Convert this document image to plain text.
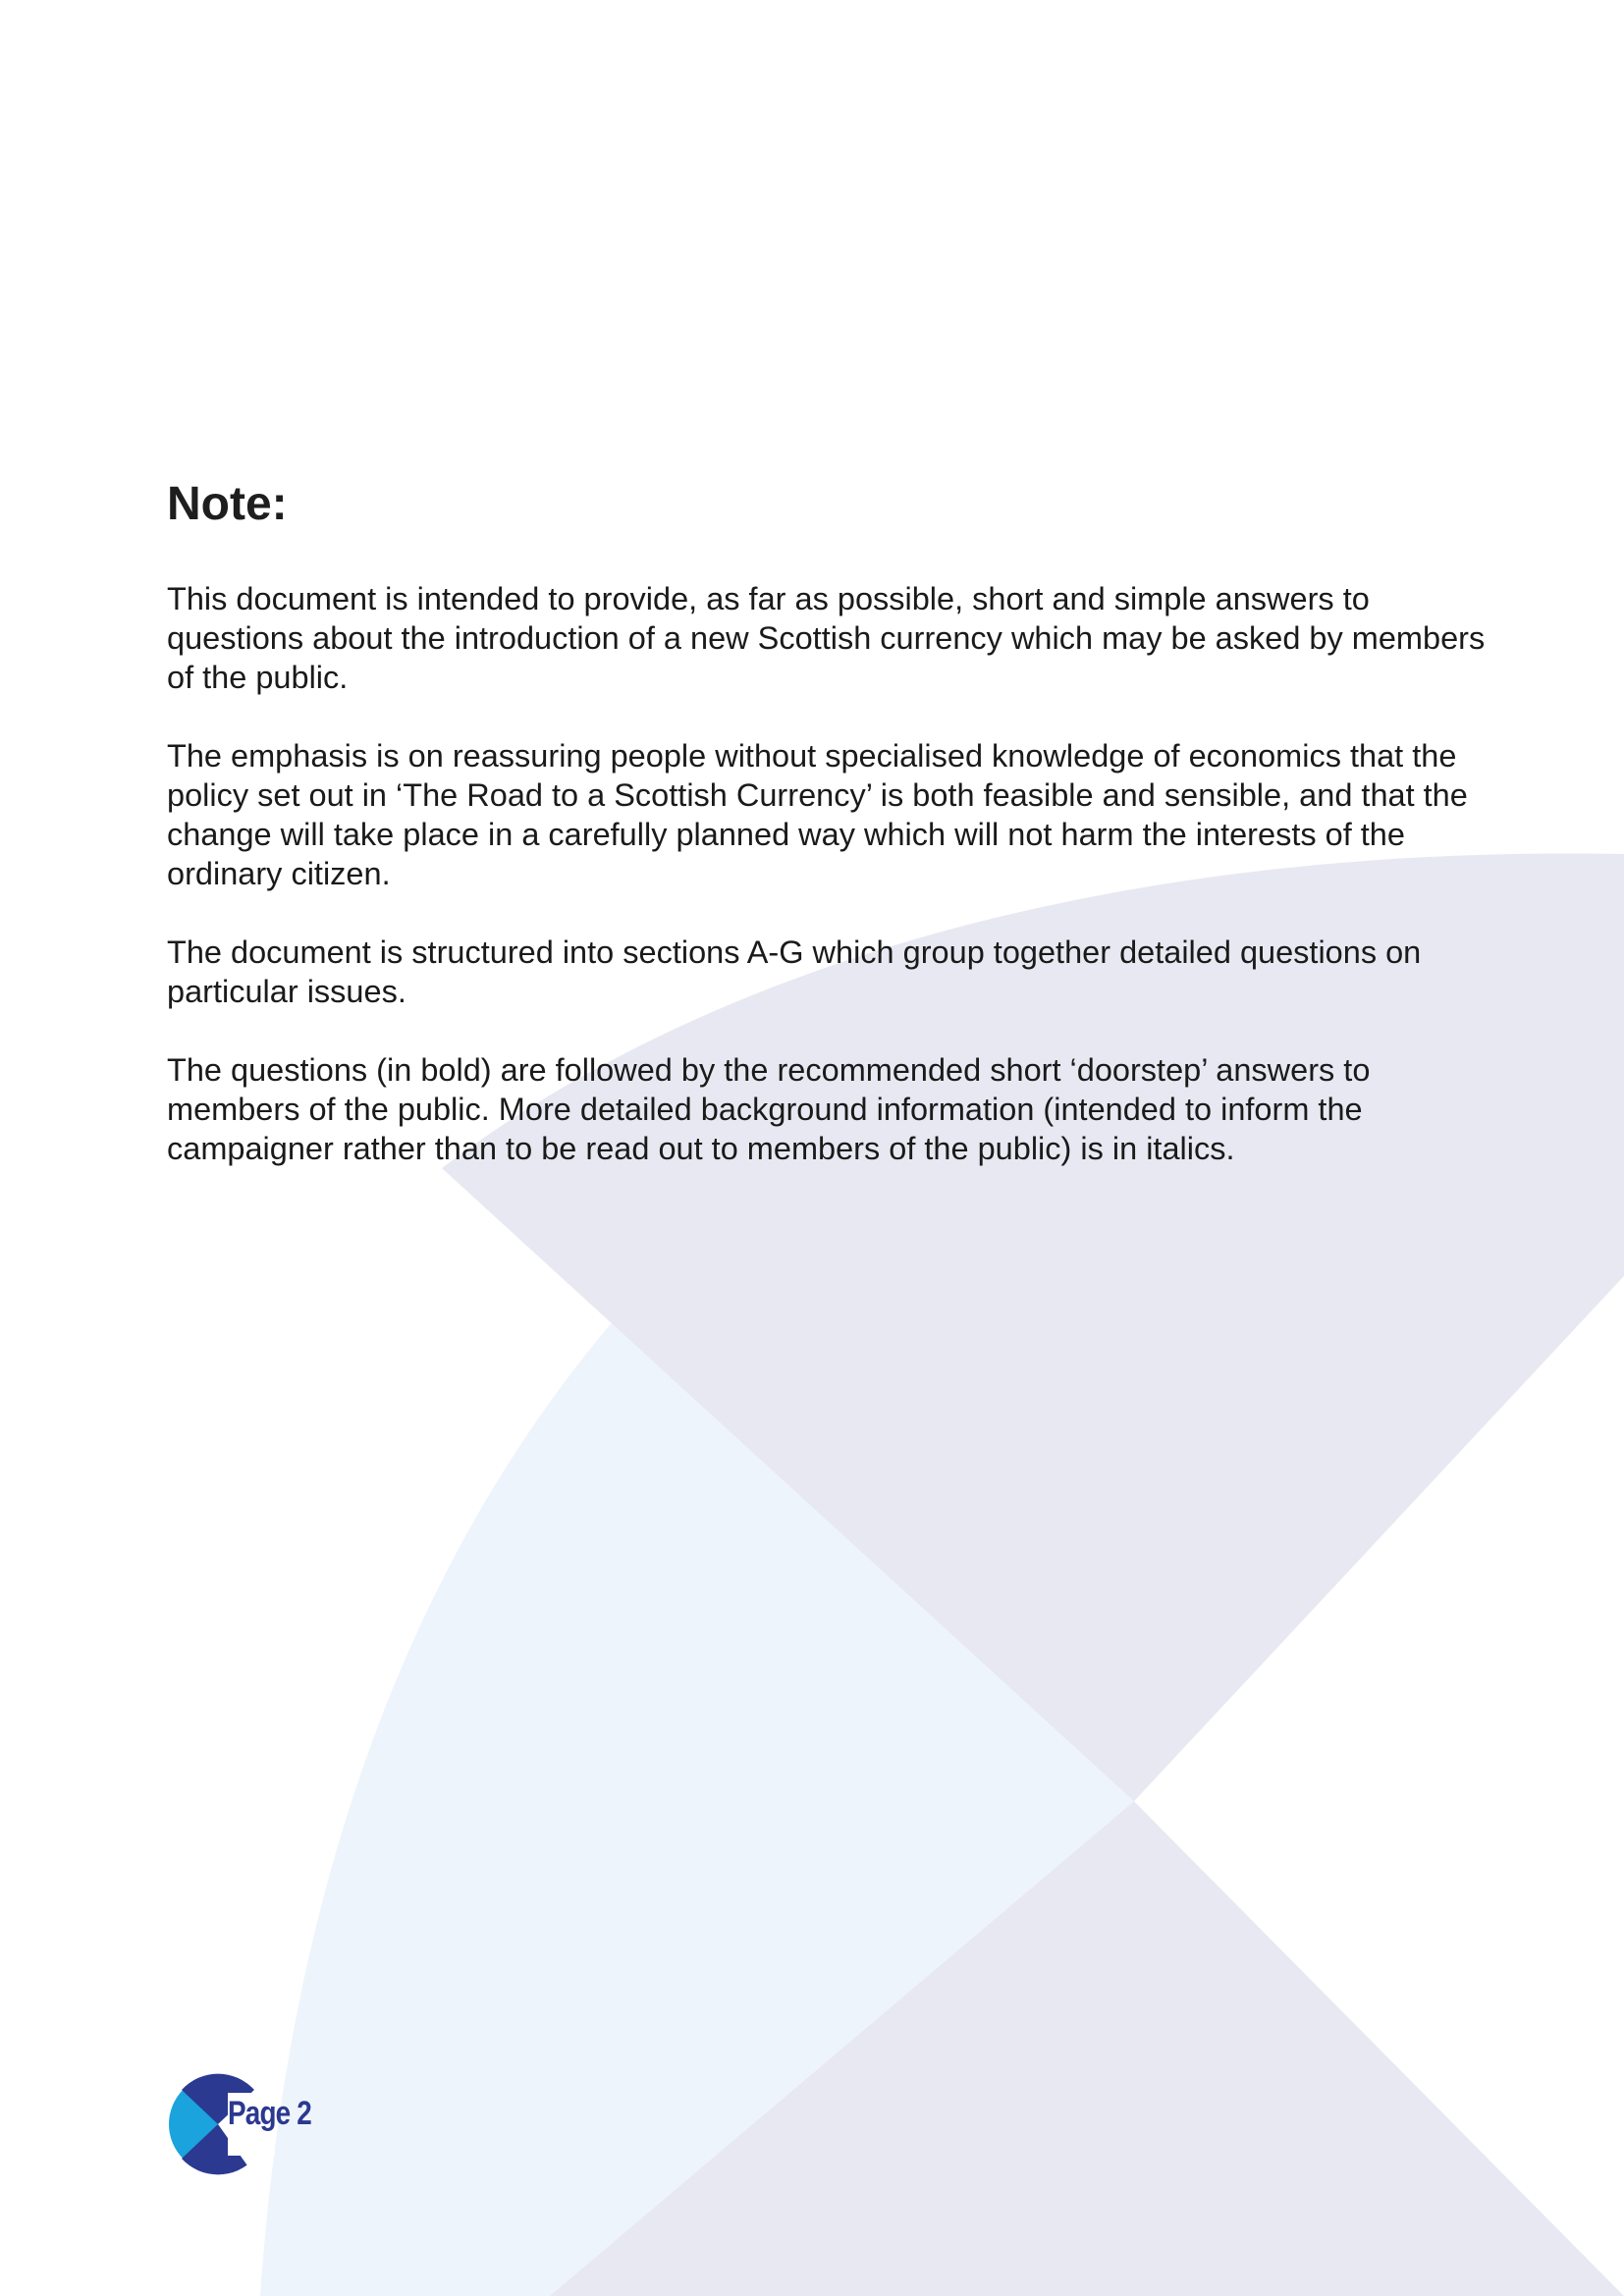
Note:

This document is intended to provide, as far as possible, short and simple answers to questions about the introduction of a new Scottish currency which may be asked by members of the public.

The emphasis is on reassuring people without specialised knowledge of economics that the policy set out in ‘The Road to a Scottish Currency’ is both feasible and sensible, and that the change will take place in a carefully planned way which will not harm the interests of the ordinary citizen.

The document is structured into sections A-G which group together detailed questions on particular issues.

The questions (in bold) are followed by the recommended short ‘doorstep’ answers to members of the public. More detailed background information (intended to inform the campaigner rather than to be read out to members of the public) is in italics.

Page 2
